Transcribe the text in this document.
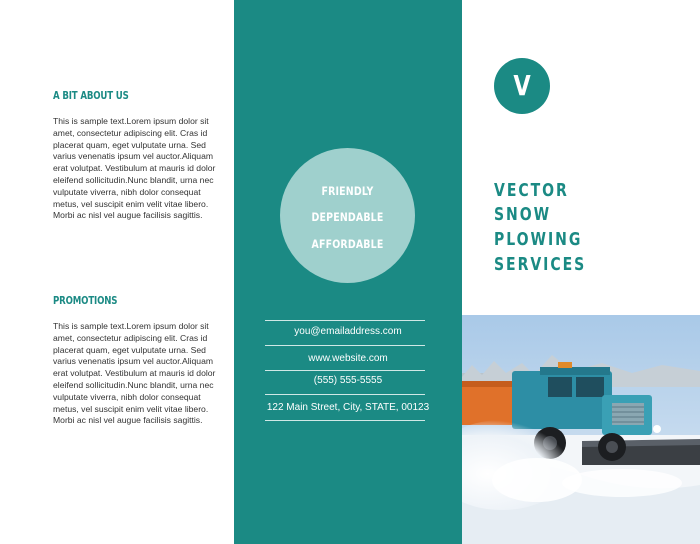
A BIT ABOUT US
This is sample text.Lorem ipsum dolor sit amet, consectetur adipiscing elit. Cras id placerat quam, eget vulputate urna. Sed varius venenatis ipsum vel auctor.Aliquam erat volutpat. Vestibulum at mauris id dolor eleifend sollicitudin.Nunc blandit, urna nec vulputate viverra, nibh dolor consequat metus, vel suscipit enim velit vitae libero. Morbi ac nisl vel augue facilisis sagittis.
PROMOTIONS
This is sample text.Lorem ipsum dolor sit amet, consectetur adipiscing elit. Cras id placerat quam, eget vulputate urna. Sed varius venenatis ipsum vel auctor.Aliquam erat volutpat. Vestibulum at mauris id dolor eleifend sollicitudin.Nunc blandit, urna nec vulputate viverra, nibh dolor consequat metus, vel suscipit enim velit vitae libero. Morbi ac nisl vel augue facilisis sagittis.
FRIENDLY
DEPENDABLE
AFFORDABLE
you@emailaddress.com
www.website.com
(555) 555-5555
122 Main Street, City, STATE, 00123
V
VECTOR
SNOW
PLOWING
SERVICES
